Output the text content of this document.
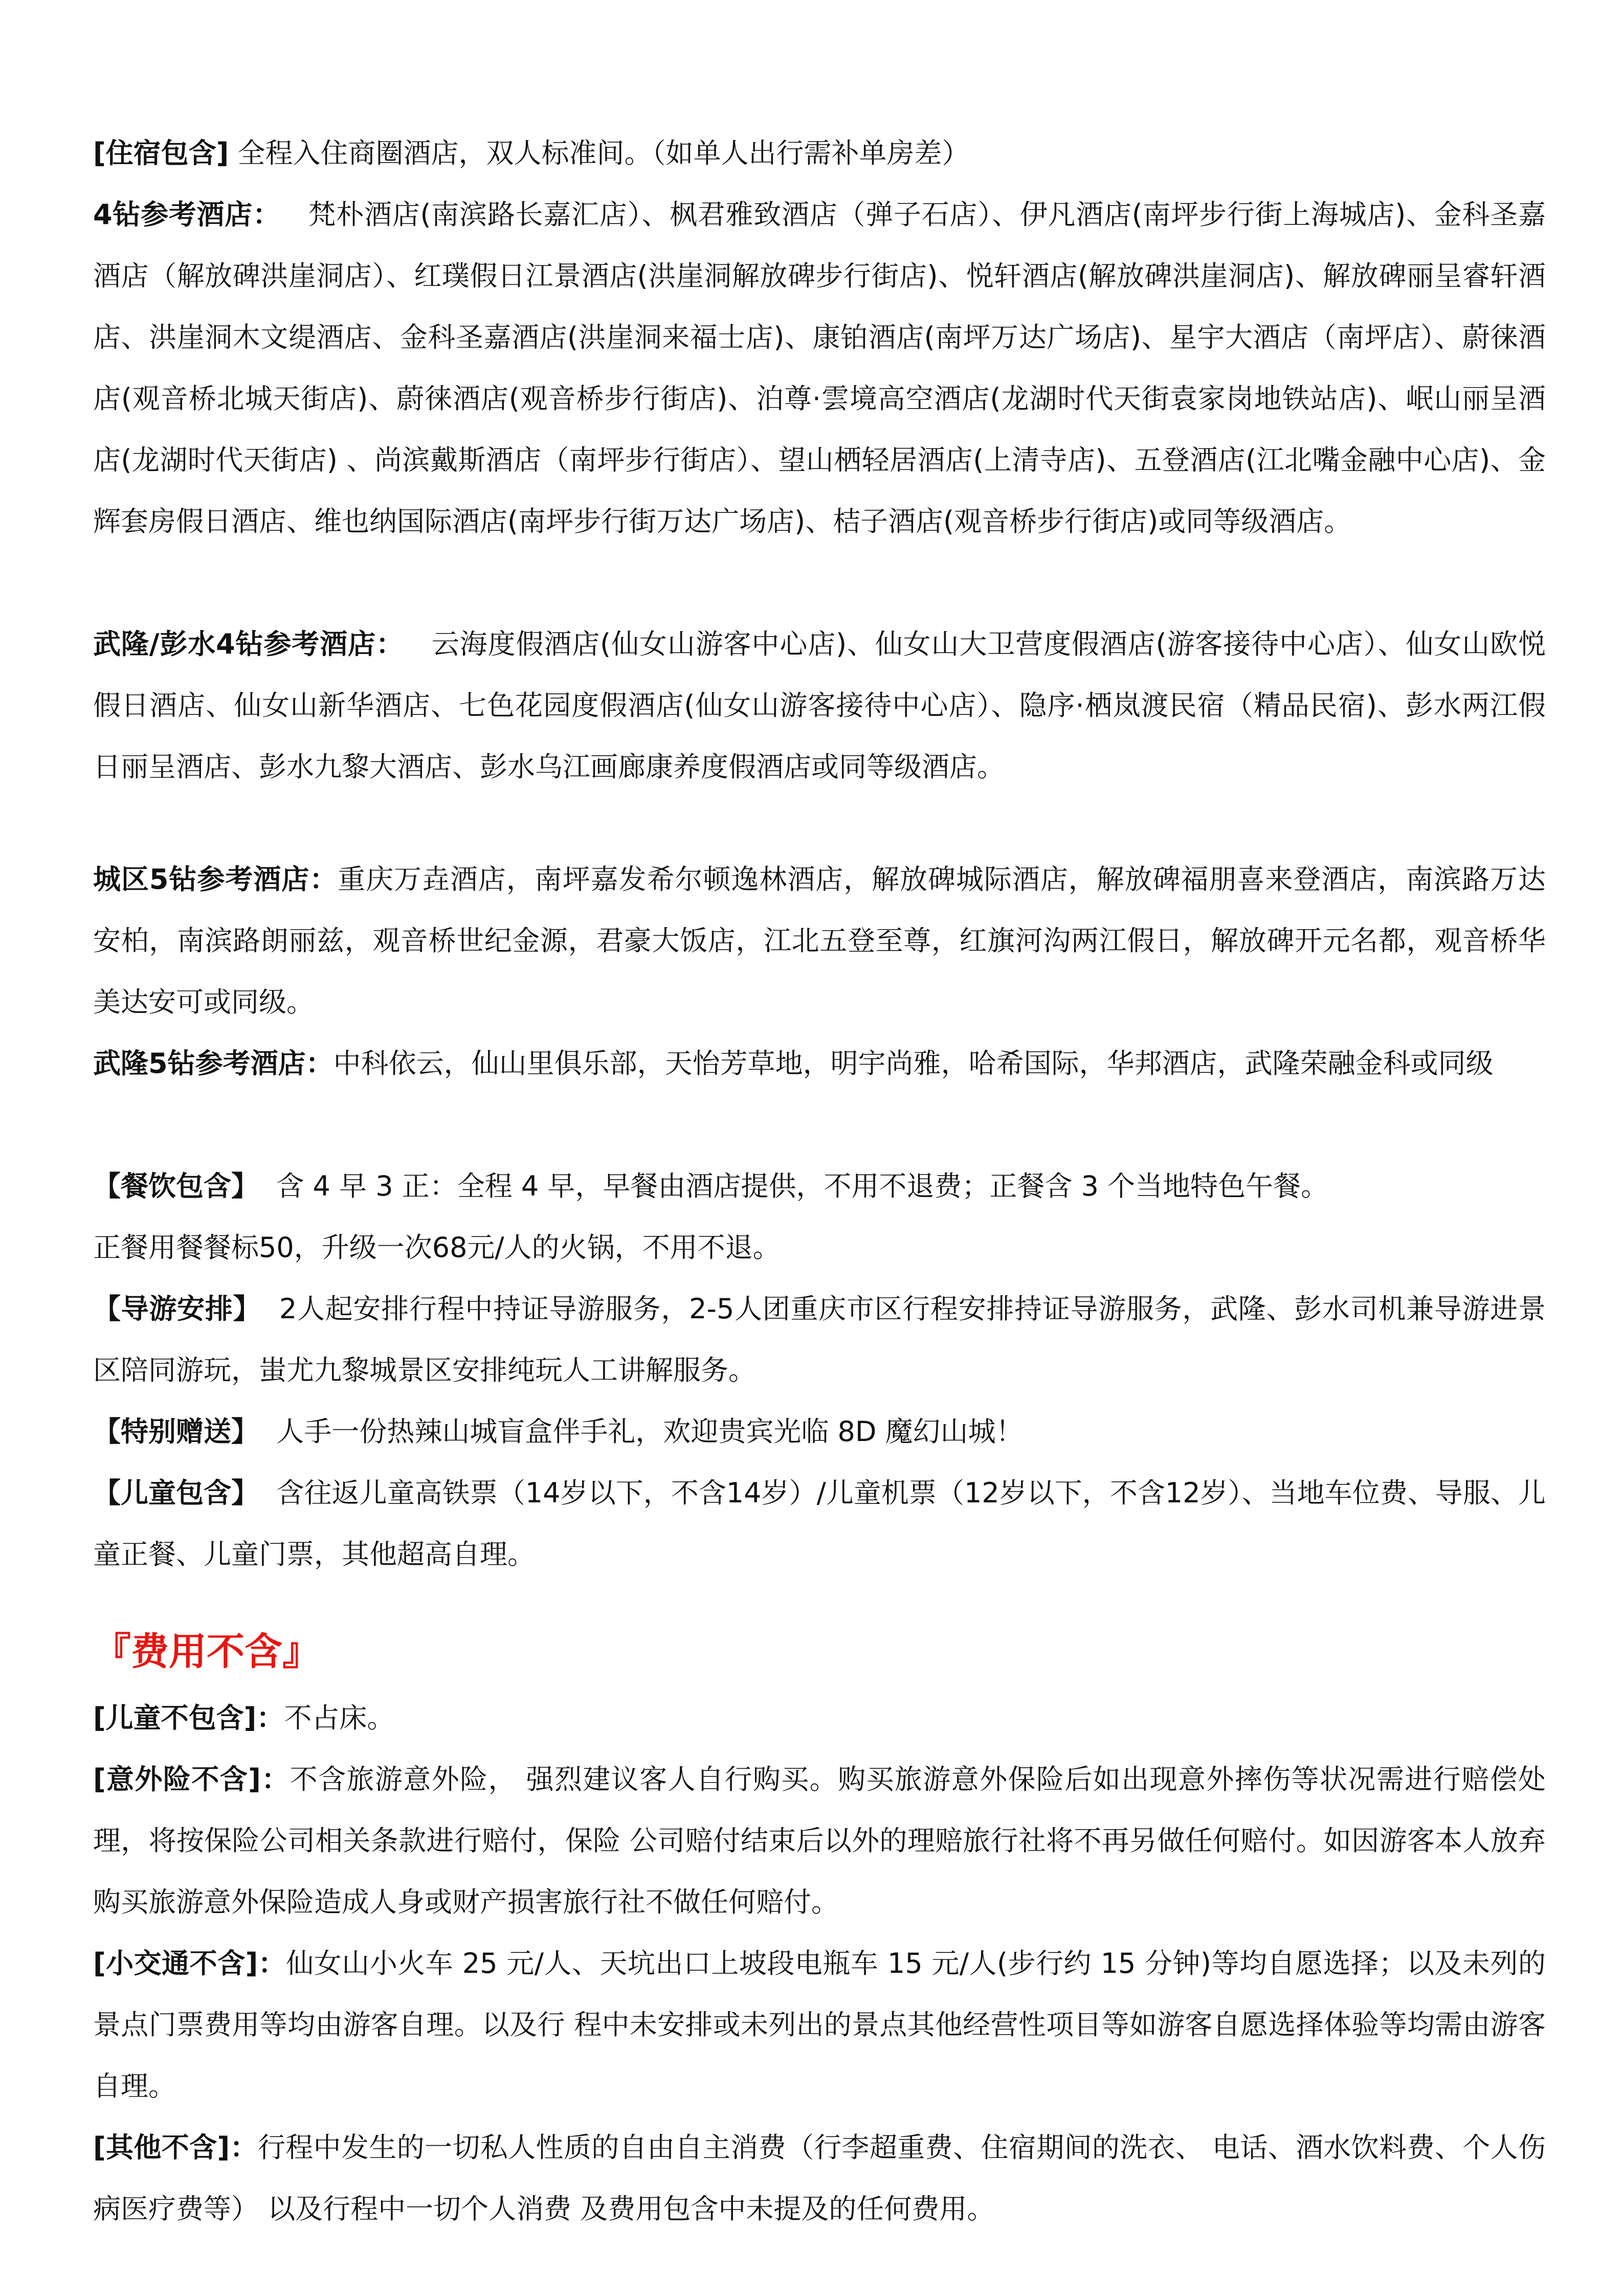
[住宿包含] 全程入住商圈酒店，双人标准间。（如单人出行需补单房差）

4钻参考酒店： 梵朴酒店(南滨路长嘉汇店）、枫君雅致酒店（弹子石店）、伊凡酒店(南坪步行街上海城店)、金科圣嘉酒店（解放碑洪崖洞店）、红璞假日江景酒店(洪崖洞解放碑步行街店)、悦轩酒店(解放碑洪崖洞店)、解放碑丽呈睿轩酒店、洪崖洞木文缇酒店、金科圣嘉酒店(洪崖洞来福士店)、康铂酒店(南坪万达广场店)、星宇大酒店（南坪店）、蔚徕酒店(观音桥北城天街店)、蔚徕酒店(观音桥步行街店)、泊尊·雲境高空酒店(龙湖时代天街袁家岗地铁站店)、岷山丽呈酒店(龙湖时代天街店) 、尚滨戴斯酒店（南坪步行街店）、望山栖轻居酒店(上清寺店)、五登酒店(江北嘴金融中心店)、金辉套房假日酒店、维也纳国际酒店(南坪步行街万达广场店)、桔子酒店(观音桥步行街店)或同等级酒店。

武隆/彭水4钻参考酒店： 云海度假酒店(仙女山游客中心店)、仙女山大卫营度假酒店(游客接待中心店）、仙女山欧悦假日酒店、仙女山新华酒店、七色花园度假酒店(仙女山游客接待中心店）、隐序·栖岚渡民宿（精品民宿)、彭水两江假日丽呈酒店、彭水九黎大酒店、彭水乌江画廊康养度假酒店或同等级酒店。

城区5钻参考酒店：重庆万垚酒店，南坪嘉发希尔顿逸林酒店，解放碑城际酒店，解放碑福朋喜来登酒店，南滨路万达安柏，南滨路朗丽兹，观音桥世纪金源，君豪大饭店，江北五登至尊，红旗河沟两江假日，解放碑开元名都，观音桥华美达安可或同级。

武隆5钻参考酒店：中科依云，仙山里俱乐部，天怡芳草地，明宇尚雅，哈希国际，华邦酒店，武隆荣融金科或同级

【餐饮包含】 含 4 早 3 正：全程 4 早，早餐由酒店提供，不用不退费；正餐含 3 个当地特色午餐。

正餐用餐餐标50，升级一次68元/人的火锅，不用不退。

【导游安排】 2人起安排行程中持证导游服务，2-5人团重庆市区行程安排持证导游服务，武隆、彭水司机兼导游进景区陪同游玩，蚩尤九黎城景区安排纯玩人工讲解服务。

【特别赠送】 人手一份热辣山城盲盒伴手礼，欢迎贵宾光临 8D 魔幻山城！

【儿童包含】 含往返儿童高铁票（14岁以下，不含14岁）/儿童机票（12岁以下，不含12岁）、当地车位费、导服、儿童正餐、儿童门票，其他超高自理。

『费用不含』

[儿童不包含]：不占床。

[意外险不含]：不含旅游意外险， 强烈建议客人自行购买。购买旅游意外保险后如出现意外摔伤等状况需进行赔偿处理，将按保险公司相关条款进行赔付，保险 公司赔付结束后以外的理赔旅行社将不再另做任何赔付。如因游客本人放弃购买旅游意外保险造成人身或财产损害旅行社不做任何赔付。

[小交通不含]：仙女山小火车 25 元/人、天坑出口上坡段电瓶车 15 元/人(步行约 15 分钟)等均自愿选择；以及未列的景点门票费用等均由游客自理。以及行 程中未安排或未列出的景点其他经营性项目等如游客自愿选择体验等均需由游客自理。

[其他不含]：行程中发生的一切私人性质的自由自主消费（行李超重费、住宿期间的洗衣、 电话、酒水饮料费、个人伤病医疗费等） 以及行程中一切个人消费 及费用包含中未提及的任何费用。
